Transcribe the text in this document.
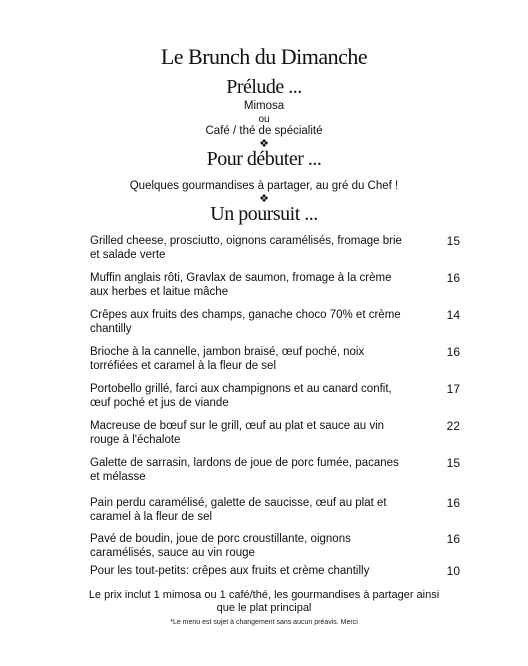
Le Brunch du Dimanche
Prélude ...
Mimosa
ou
Café / thé de spécialité
❖
Pour débuter ...
Quelques gourmandises à partager, au gré du Chef !
❖
Un poursuit ...
Grilled cheese, prosciutto, oignons caramélisés, fromage brie et salade verte
15
Muffin anglais rôti, Gravlax de saumon, fromage à la crème aux herbes et laitue mâche
16
Crêpes aux fruits des champs, ganache choco 70% et crème chantilly
14
Brioche à la cannelle, jambon braisé, œuf poché, noix torréfiées et caramel à la fleur de sel
16
Portobello grillé, farci aux champignons et au canard confit, œuf poché et jus de viande
17
Macreuse de bœuf sur le grill, œuf au plat et sauce au vin rouge à l'échalote
22
Galette de sarrasin, lardons de joue de porc fumée, pacanes et mélasse
15
Pain perdu caramélisé, galette de saucisse, œuf au plat et caramel à la fleur de sel
16
Pavé de boudin, joue de porc croustillante, oignons caramélisés, sauce au vin rouge
16
Pour les tout-petits: crêpes aux fruits et crème chantilly	10
Le prix inclut 1 mimosa ou 1 café/thé, les gourmandises à partager ainsi
que le plat principal
*Le menu est sujet à changement sans aucun préavis. Merci
